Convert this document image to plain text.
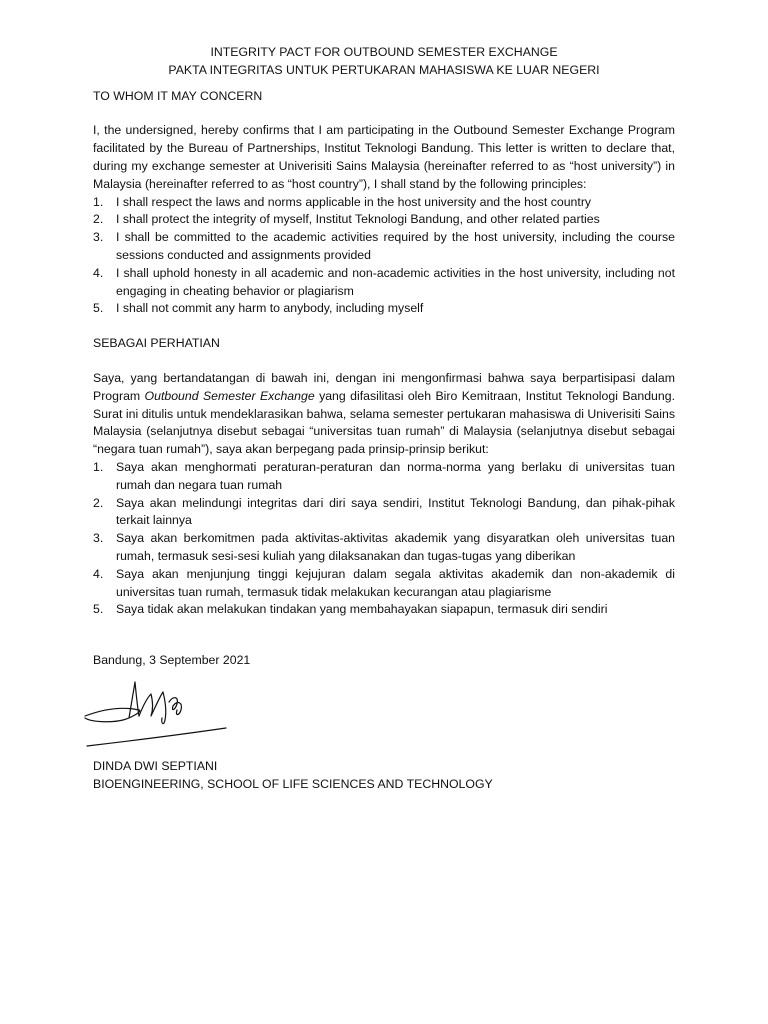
INTEGRITY PACT FOR OUTBOUND SEMESTER EXCHANGE

PAKTA INTEGRITAS UNTUK PERTUKARAN MAHASISWA KE LUAR NEGERI

TO WHOM IT MAY CONCERN

I, the undersigned, hereby confirms that I am participating in the Outbound Semester Exchange Program facilitated by the Bureau of Partnerships, Institut Teknologi Bandung. This letter is written to declare that, during my exchange semester at Univerisiti Sains Malaysia (hereinafter referred to as “host university”) in Malaysia (hereinafter referred to as “host country”), I shall stand by the following principles:

1. I shall respect the laws and norms applicable in the host university and the host country
2. I shall protect the integrity of myself, Institut Teknologi Bandung, and other related parties
3. I shall be committed to the academic activities required by the host university, including the course sessions conducted and assignments provided
4. I shall uphold honesty in all academic and non-academic activities in the host university, including not engaging in cheating behavior or plagiarism
5. I shall not commit any harm to anybody, including myself

SEBAGAI PERHATIAN

Saya, yang bertandatangan di bawah ini, dengan ini mengonfirmasi bahwa saya berpartisipasi dalam Program Outbound Semester Exchange yang difasilitasi oleh Biro Kemitraan, Institut Teknologi Bandung. Surat ini ditulis untuk mendeklarasikan bahwa, selama semester pertukaran mahasiswa di Univerisiti Sains Malaysia (selanjutnya disebut sebagai “universitas tuan rumah” di Malaysia (selanjutnya disebut sebagai “negara tuan rumah”), saya akan berpegang pada prinsip-prinsip berikut:

1. Saya akan menghormati peraturan-peraturan dan norma-norma yang berlaku di universitas tuan rumah dan negara tuan rumah
2. Saya akan melindungi integritas dari diri saya sendiri, Institut Teknologi Bandung, dan pihak-pihak terkait lainnya
3. Saya akan berkomitmen pada aktivitas-aktivitas akademik yang disyaratkan oleh universitas tuan rumah, termasuk sesi-sesi kuliah yang dilaksanakan dan tugas-tugas yang diberikan
4. Saya akan menjunjung tinggi kejujuran dalam segala aktivitas akademik dan non-akademik di universitas tuan rumah, termasuk tidak melakukan kecurangan atau plagiarisme
5. Saya tidak akan melakukan tindakan yang membahayakan siapapun, termasuk diri sendiri

Bandung, 3 September 2021

DINDA DWI SEPTIANI

BIOENGINEERING, SCHOOL OF LIFE SCIENCES AND TECHNOLOGY
